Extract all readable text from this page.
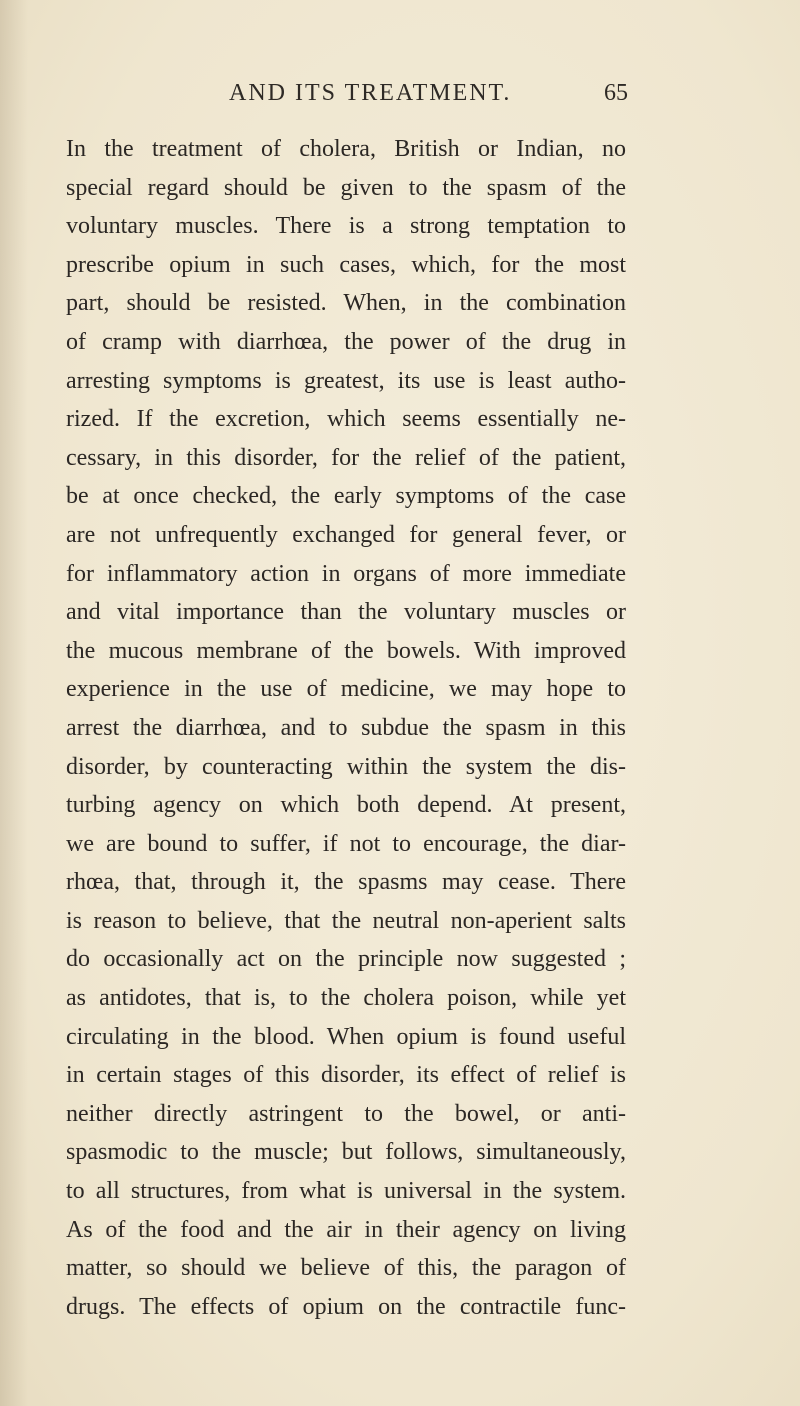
AND ITS TREATMENT.	65
In the treatment of cholera, British or Indian, no
special regard should be given to the spasm of the
voluntary muscles. There is a strong temptation to
prescribe opium in such cases, which, for the most
part, should be resisted. When, in the combination
of cramp with diarrhœa, the power of the drug in
arresting symptoms is greatest, its use is least autho-
rized. If the excretion, which seems essentially ne-
cessary, in this disorder, for the relief of the patient,
be at once checked, the early symptoms of the case
are not unfrequently exchanged for general fever, or
for inflammatory action in organs of more immediate
and vital importance than the voluntary muscles or
the mucous membrane of the bowels. With improved
experience in the use of medicine, we may hope to
arrest the diarrhœa, and to subdue the spasm in this
disorder, by counteracting within the system the dis-
turbing agency on which both depend. At present,
we are bound to suffer, if not to encourage, the diar-
rhœa, that, through it, the spasms may cease. There
is reason to believe, that the neutral non-aperient salts
do occasionally act on the principle now suggested ;
as antidotes, that is, to the cholera poison, while yet
circulating in the blood. When opium is found useful
in certain stages of this disorder, its effect of relief is
neither directly astringent to the bowel, or anti-
spasmodic to the muscle; but follows, simultaneously,
to all structures, from what is universal in the system.
As of the food and the air in their agency on living
matter, so should we believe of this, the paragon of
drugs. The effects of opium on the contractile func-
